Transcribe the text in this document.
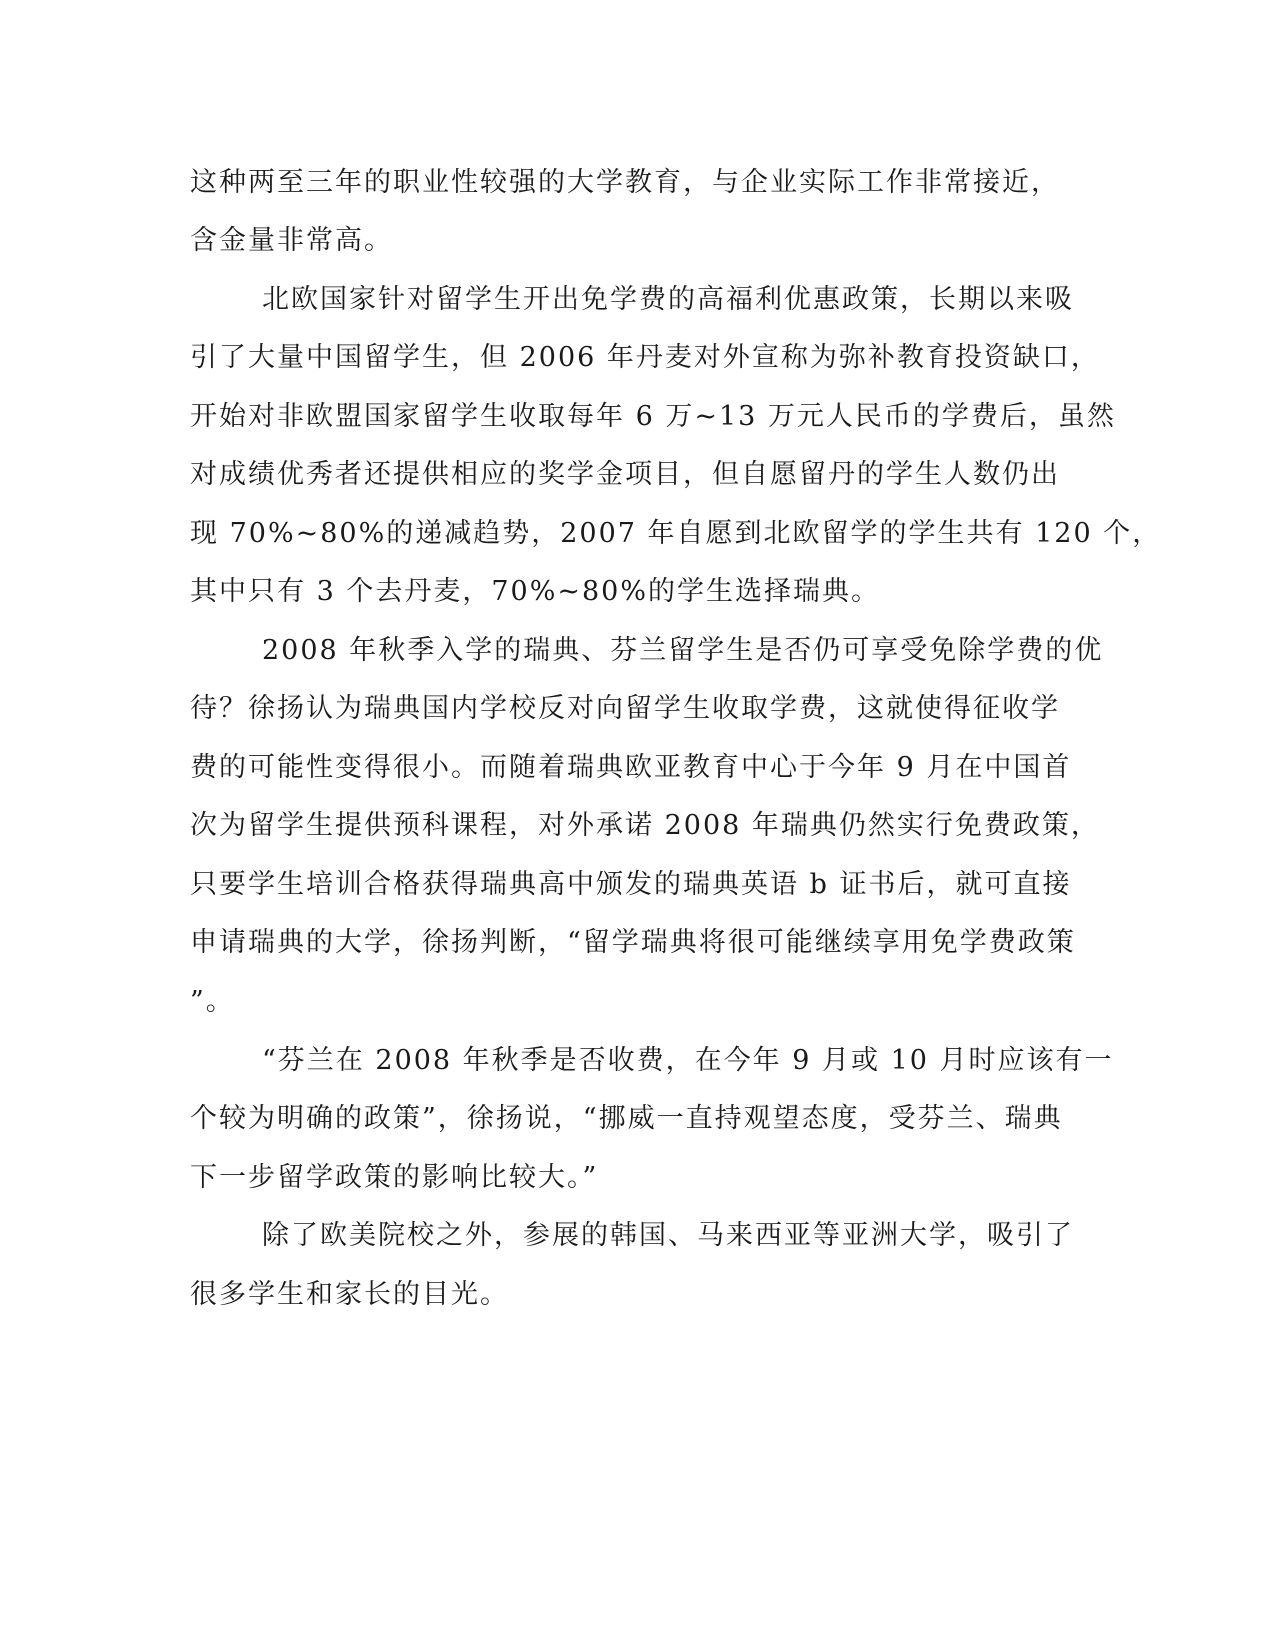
这种两至三年的职业性较强的大学教育，与企业实际工作非常接近，
含金量非常高。
北欧国家针对留学生开出免学费的高福利优惠政策，长期以来吸
引了大量中国留学生，但 2006 年丹麦对外宣称为弥补教育投资缺口，
开始对非欧盟国家留学生收取每年 6 万~13 万元人民币的学费后，虽然
对成绩优秀者还提供相应的奖学金项目，但自愿留丹的学生人数仍出
现 70%~80%的递减趋势，2007 年自愿到北欧留学的学生共有 120 个，
其中只有 3 个去丹麦，70%~80%的学生选择瑞典。
2008 年秋季入学的瑞典、芬兰留学生是否仍可享受免除学费的优
待？徐扬认为瑞典国内学校反对向留学生收取学费，这就使得征收学
费的可能性变得很小。而随着瑞典欧亚教育中心于今年 9 月在中国首
次为留学生提供预科课程，对外承诺 2008 年瑞典仍然实行免费政策，
只要学生培训合格获得瑞典高中颁发的瑞典英语 b 证书后，就可直接
申请瑞典的大学，徐扬判断，“留学瑞典将很可能继续享用免学费政策
”。
“芬兰在 2008 年秋季是否收费，在今年 9 月或 10 月时应该有一
个较为明确的政策”，徐扬说，“挪威一直持观望态度，受芬兰、瑞典
下一步留学政策的影响比较大。”
除了欧美院校之外，参展的韩国、马来西亚等亚洲大学，吸引了
很多学生和家长的目光。
